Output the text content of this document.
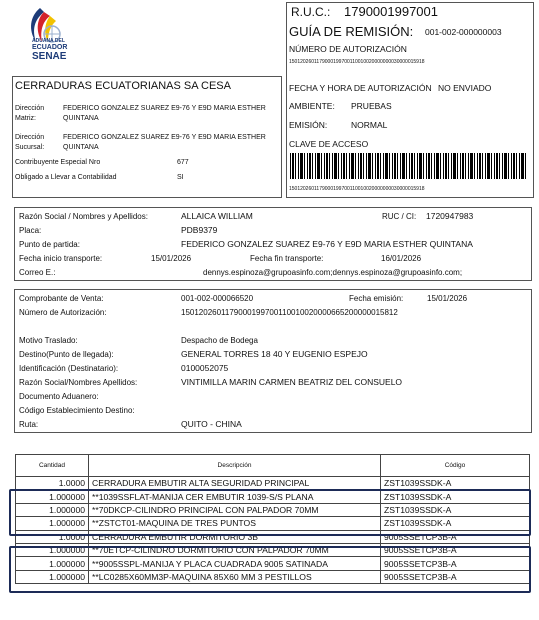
ADUANA DEL
ECUADOR
SENAE
R.U.C.: 1790001997001
GUÍA DE REMISIÓN: 001-002-000000003
NÚMERO DE AUTORIZACIÓN
1501202601179000199700110010020000000030000015918
FECHA Y HORA DE AUTORIZACIÓN NO ENVIADO
AMBIENTE: PRUEBAS
EMISIÓN:	NORMAL
CLAVE DE ACCESO
1501202601179000199700110010020000000030000015918
CERRADURAS ECUATORIANAS SA CESA
Dirección Matriz:
FEDERICO GONZALEZ SUAREZ E9-76 Y E9D MARIA ESTHER QUINTANA
Dirección Sucursal:
FEDERICO GONZALEZ SUAREZ E9-76 Y E9D MARIA ESTHER QUINTANA
Contribuyente Especial Nro	677
Obligado a Llevar a Contabilidad	SI
Razón Social / Nombres y Apellidos:	ALLAICA WILLIAM	RUC / CI: 1720947983
Placa:	PDB9379
Punto de partida:	FEDERICO GONZALEZ SUAREZ E9-76 Y E9D MARIA ESTHER QUINTANA
Fecha inicio transporte:	15/01/2026	Fecha fin transporte:	16/01/2026
Correo E.:	dennys.espinoza@grupoasinfo.com;dennys.espinoza@grupoasinfo.com;
Comprobante de Venta:	001-002-000066520	Fecha emisión:	15/01/2026
Número de Autorización:	1501202601179000199700110010020000665200000015812
Motivo Traslado:	Despacho de Bodega
Destino(Punto de llegada):	GENERAL TORRES 18 40 Y EUGENIO ESPEJO
Identificación (Destinatario):	0100052075
Razón Social/Nombres Apellidos:	VINTIMILLA MARIN CARMEN BEATRIZ DEL CONSUELO
Documento Aduanero:
Código Establecimiento Destino:
Ruta:	QUITO - CHINA
Cantidad	Descripción	Código
1.0000	CERRADURA EMBUTIR ALTA SEGURIDAD PRINCIPAL	ZST1039SSDK-A
1.000000	**1039SSFLAT-MANIJA CER EMBUTIR 1039-S/S PLANA	ZST1039SSDK-A
1.000000	**70DKCP-CILINDRO PRINCIPAL CON PALPADOR 70MM	ZST1039SSDK-A
1.000000	**ZSTCT01-MAQUINA DE TRES PUNTOS	ZST1039SSDK-A
1.0000	CERRADURA EMBUTIR DORMITORIO 3B	9005SSETCP3B-A
1.000000	**70ETCP-CILINDRO DORMITORIO CON PALPADOR 70MM	9005SSETCP3B-A
1.000000	**9005SSPL-MANIJA Y PLACA CUADRADA 9005 SATINADA	9005SSETCP3B-A
1.000000	**LC0285X60MM3P-MAQUINA 85X60 MM 3 PESTILLOS	9005SSETCP3B-A
